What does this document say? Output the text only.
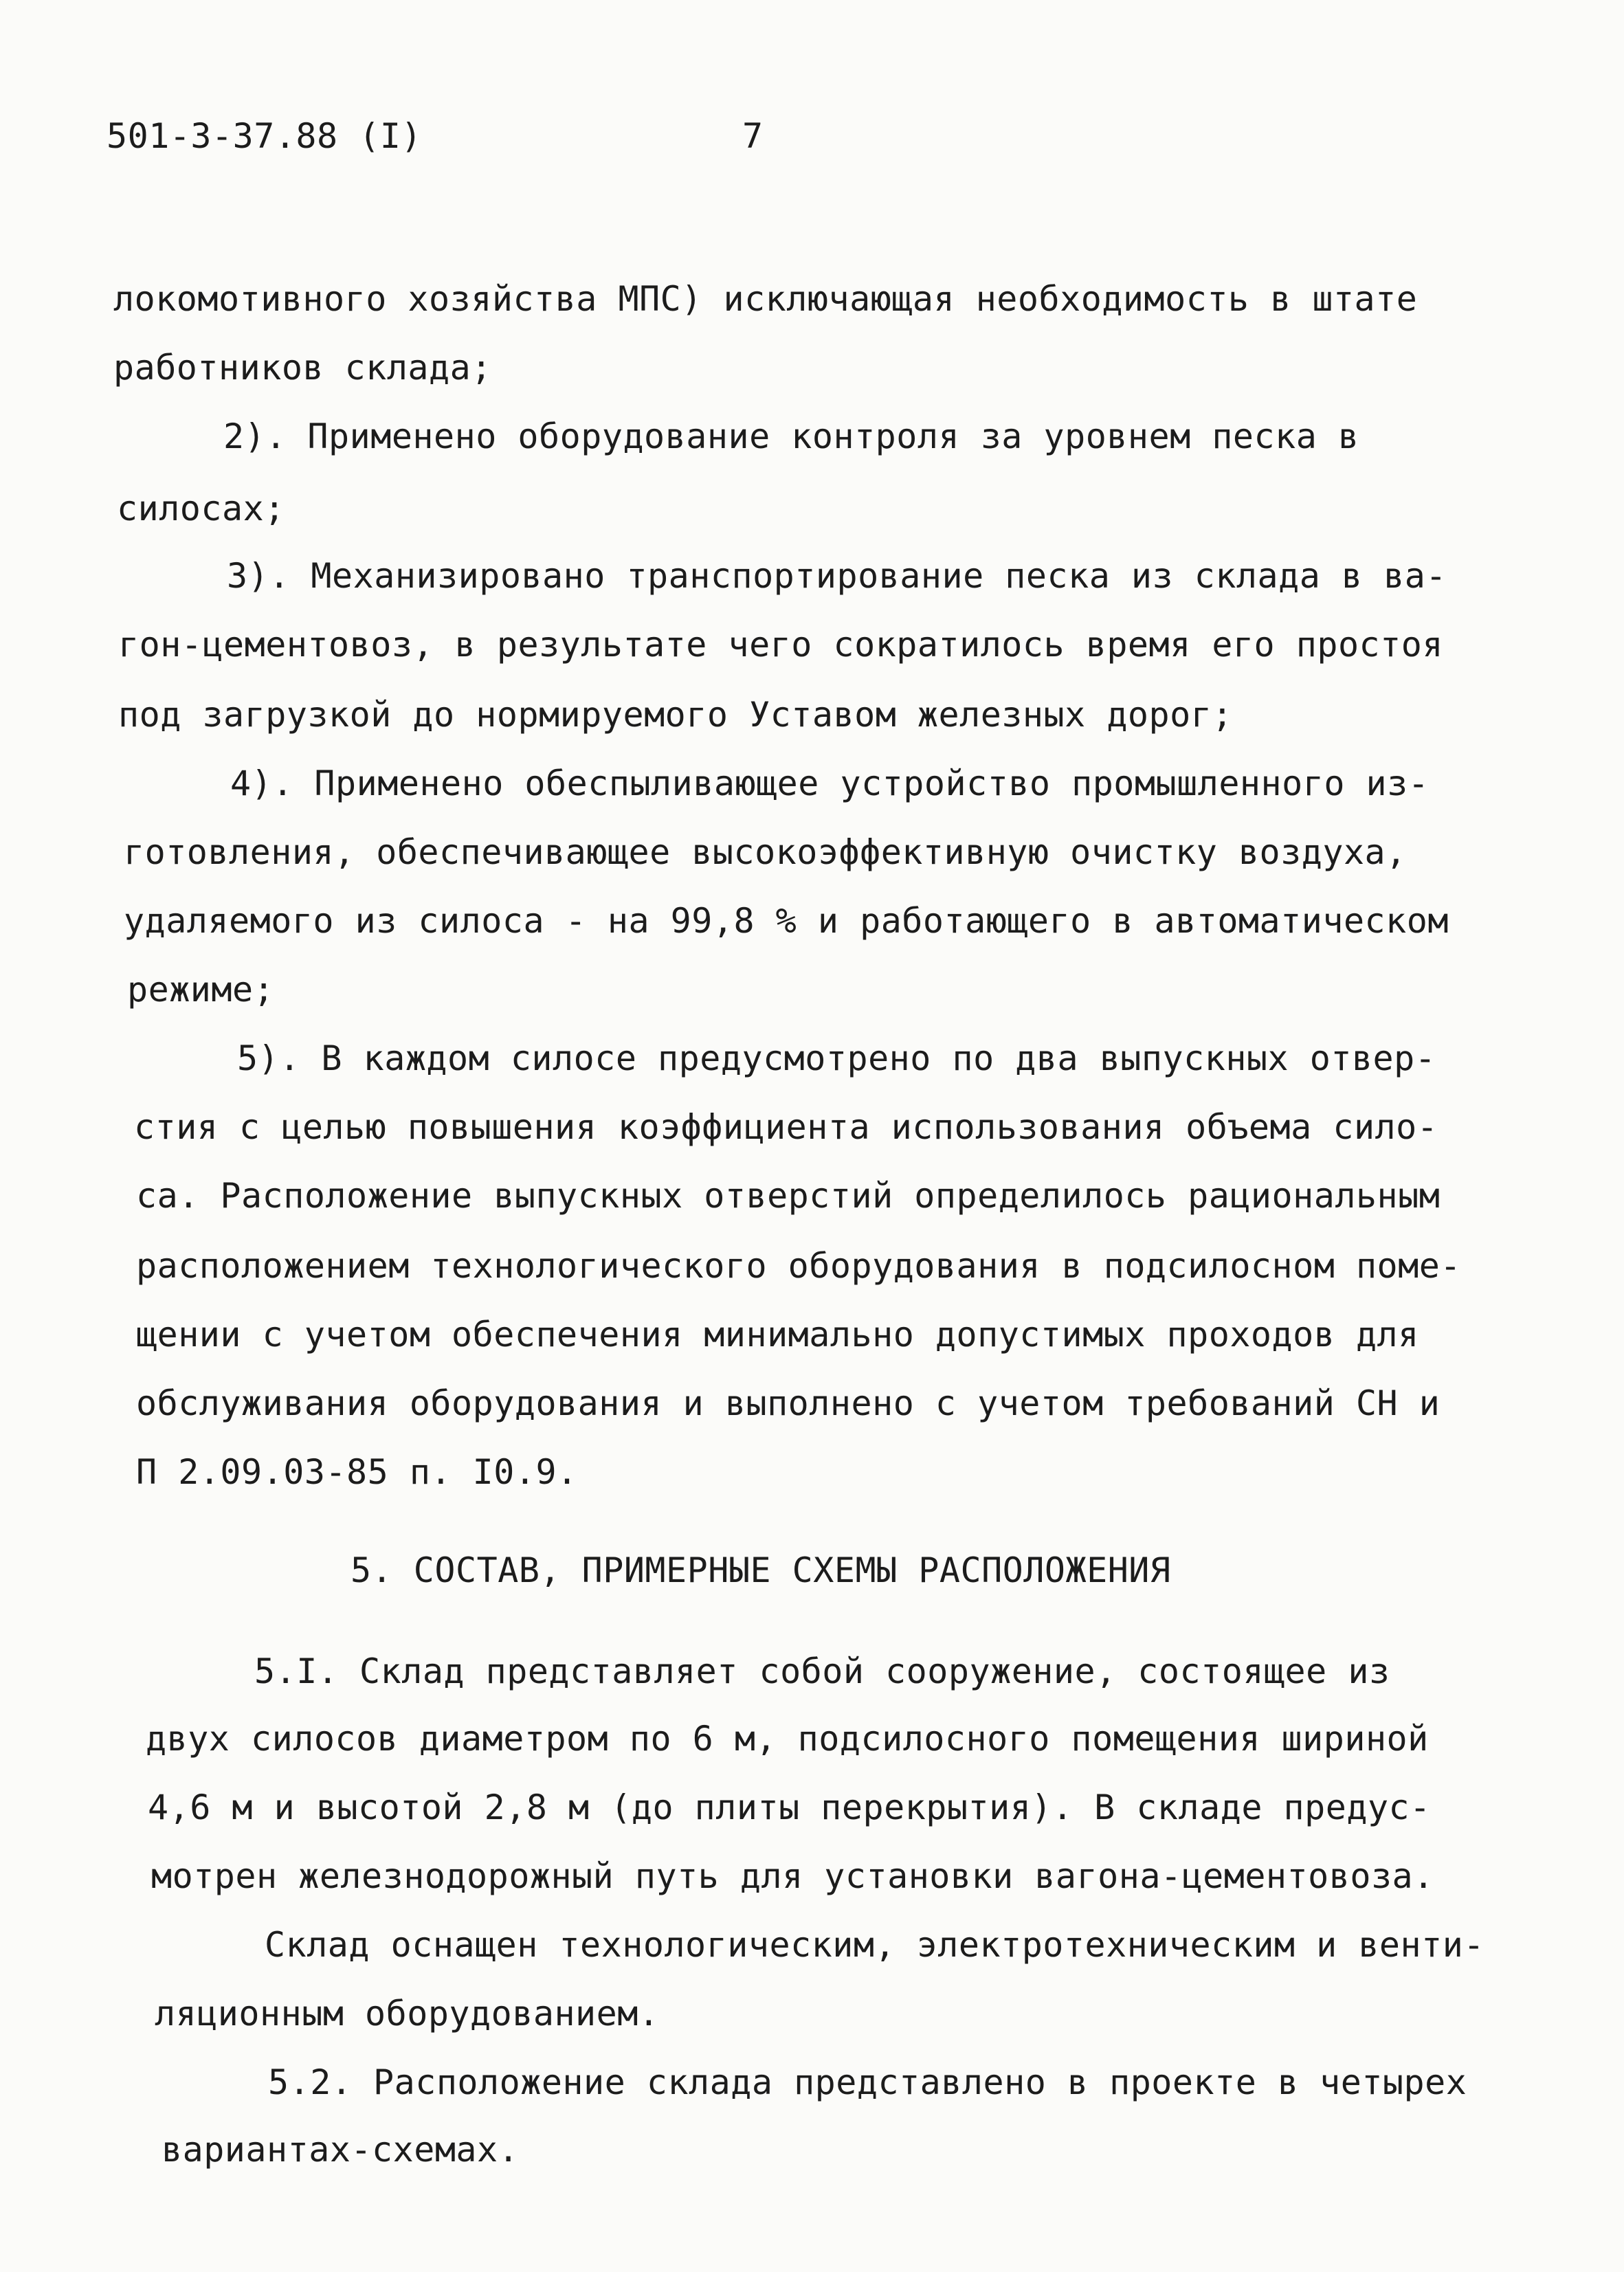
501-3-37.88 (I)	7
локомотивного хозяйства МПС) исключающая необходимость в штате
работников склада;
2). Применено оборудование контроля за уровнем песка в
силосах;
3). Механизировано транспортирование песка из склада в ва-
гон-цементовоз, в результате чего сократилось время его простоя
под загрузкой до нормируемого Уставом железных дорог;
4). Применено обеспыливающее устройство промышленного из-
готовления, обеспечивающее высокоэффективную очистку воздуха,
удаляемого из силоса - на 99,8 % и работающего в автоматическом
режиме;
5). В каждом силосе предусмотрено по два выпускных отвер-
стия с целью повышения коэффициента использования объема сило-
са. Расположение выпускных отверстий определилось рациональным
расположением технологического оборудования в подсилосном поме-
щении с учетом обеспечения минимально допустимых проходов для
обслуживания оборудования и выполнено с учетом требований СН и
П 2.09.03-85 п. I0.9.
5. СОСТАВ, ПРИМЕРНЫЕ СХЕМЫ РАСПОЛОЖЕНИЯ
5.I. Склад представляет собой сооружение, состоящее из
двух силосов диаметром по 6 м, подсилосного помещения шириной
4,6 м и высотой 2,8 м (до плиты перекрытия). В складе предус-
мотрен железнодорожный путь для установки вагона-цементовоза.
Склад оснащен технологическим, электротехническим и венти-
ляционным оборудованием.
5.2. Расположение склада представлено в проекте в четырех
вариантах-схемах.
